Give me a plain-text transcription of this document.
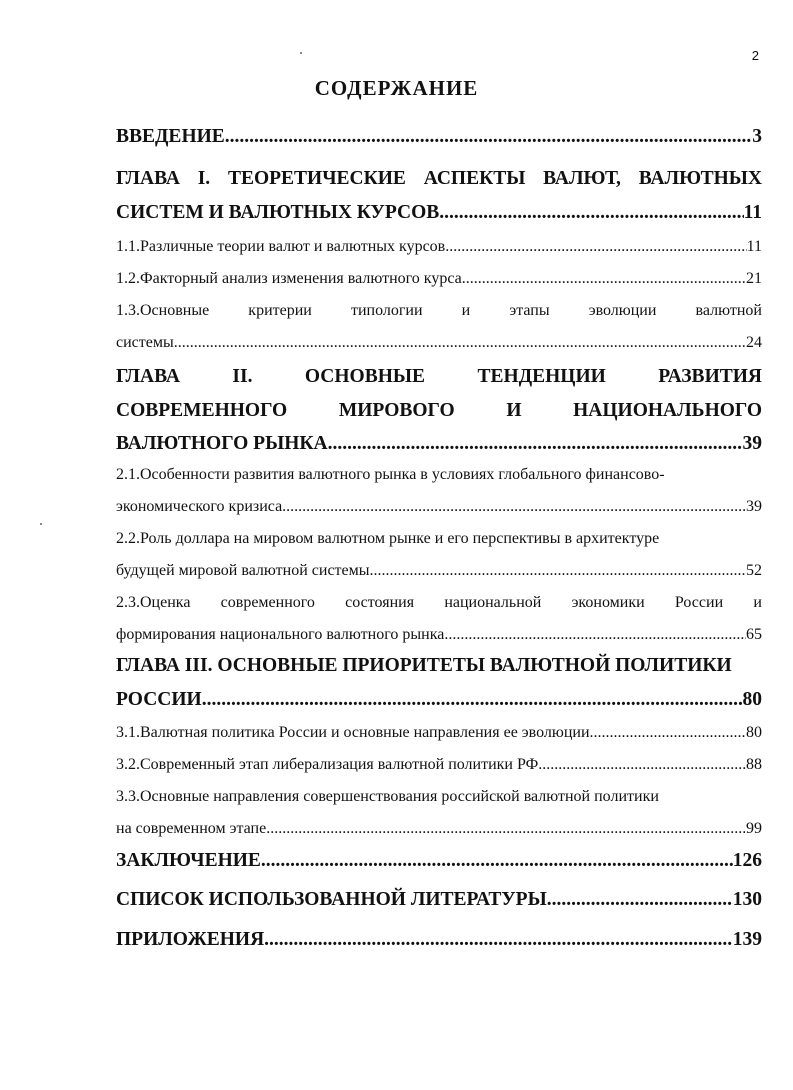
2
СОДЕРЖАНИЕ
ВВЕДЕНИЕ .....	3
ГЛАВА I. ТЕОРЕТИЧЕСКИЕ АСПЕКТЫ ВАЛЮТ, ВАЛЮТНЫХ
СИСТЕМ И ВАЛЮТНЫХ КУРСОВ .....	11
1.1.Различные теории валют и валютных курсов .....	11
1.2.Факторный анализ изменения валютного курса .....	21
1.3.Основные критерии типологии и этапы эволюции валютной
системы .....	24
ГЛАВА	II.	ОСНОВНЫЕ	ТЕНДЕНЦИИ	РАЗВИТИЯ
СОВРЕМЕННОГО	МИРОВОГО	И	НАЦИОНАЛЬНОГО
ВАЛЮТНОГО РЫНКА .....	39
2.1.Особенности развития валютного рынка в условиях глобального финансово-
экономического кризиса .....	39
2.2.Роль доллара на мировом валютном рынке и его перспективы в архитектуре
будущей мировой валютной системы .....	52
2.3.Оценка современного состояния национальной экономики России и
формирования национального валютного рынка .....	65
ГЛАВА III. ОСНОВНЫЕ ПРИОРИТЕТЫ ВАЛЮТНОЙ ПОЛИТИКИ
РОССИИ .....	80
3.1.Валютная политика России и основные направления ее эволюции .....	80
3.2.Современный этап либерализация валютной политики РФ .....	88
3.3.Основные направления совершенствования российской валютной политики
на современном этапе .....	99
ЗАКЛЮЧЕНИЕ .....	126
СПИСОК ИСПОЛЬЗОВАННОЙ ЛИТЕРАТУРЫ .....	130
ПРИЛОЖЕНИЯ .....	139
